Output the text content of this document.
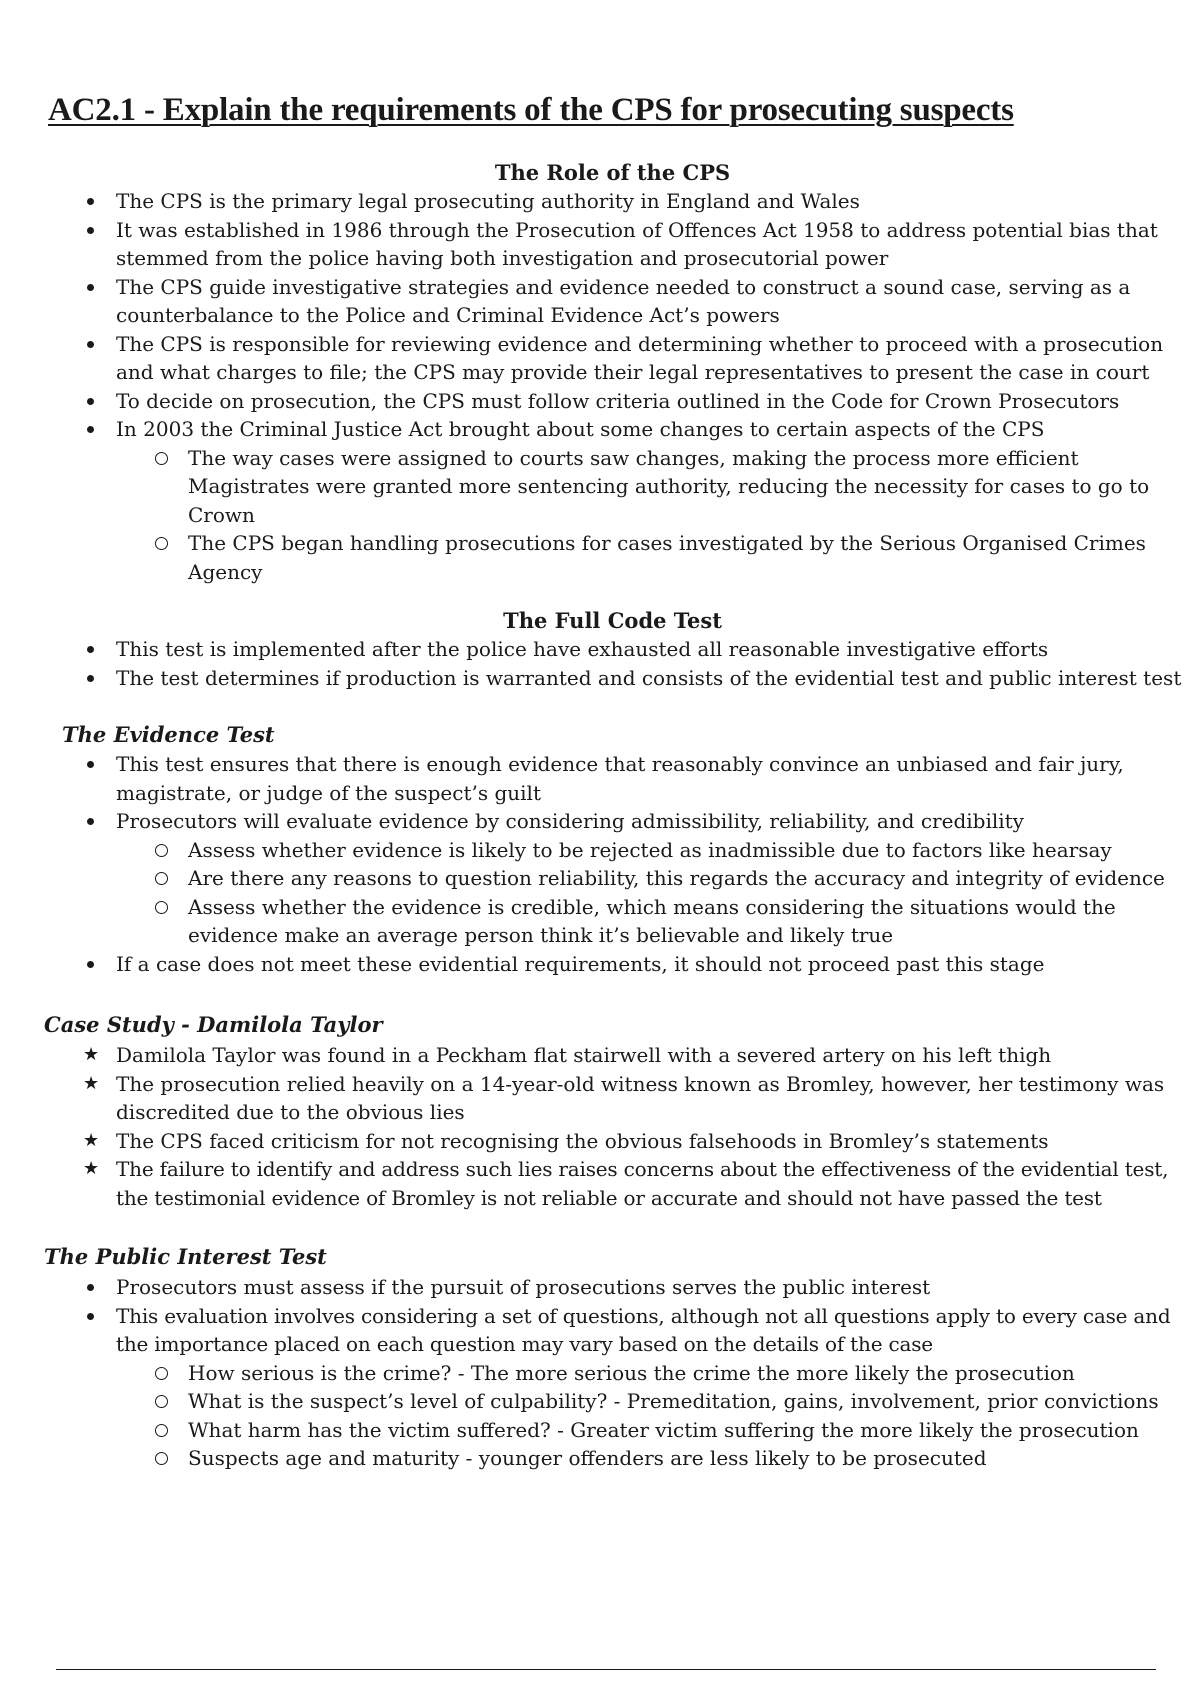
AC2.1 - Explain the requirements of the CPS for prosecuting suspects
The Role of the CPS
The CPS is the primary legal prosecuting authority in England and Wales
It was established in 1986 through the Prosecution of Offences Act 1958 to address potential bias that stemmed from the police having both investigation and prosecutorial power
The CPS guide investigative strategies and evidence needed to construct a sound case, serving as a counterbalance to the Police and Criminal Evidence Act’s powers
The CPS is responsible for reviewing evidence and determining whether to proceed with a prosecution and what charges to file; the CPS may provide their legal representatives to present the case in court
To decide on prosecution, the CPS must follow criteria outlined in the Code for Crown Prosecutors
In 2003 the Criminal Justice Act brought about some changes to certain aspects of the CPS
The way cases were assigned to courts saw changes, making the process more efficient
Magistrates were granted more sentencing authority, reducing the necessity for cases to go to Crown
The CPS began handling prosecutions for cases investigated by the Serious Organised Crimes Agency
The Full Code Test
This test is implemented after the police have exhausted all reasonable investigative efforts
The test determines if production is warranted and consists of the evidential test and public interest test
The Evidence Test
This test ensures that there is enough evidence that reasonably convince an unbiased and fair jury, magistrate, or judge of the suspect’s guilt
Prosecutors will evaluate evidence by considering admissibility, reliability, and credibility
Assess whether evidence is likely to be rejected as inadmissible due to factors like hearsay
Are there any reasons to question reliability, this regards the accuracy and integrity of evidence
Assess whether the evidence is credible, which means considering the situations would the evidence make an average person think it’s believable and likely true
If a case does not meet these evidential requirements, it should not proceed past this stage
Case Study - Damilola Taylor
★ Damilola Taylor was found in a Peckham flat stairwell with a severed artery on his left thigh
★ The prosecution relied heavily on a 14-year-old witness known as Bromley, however, her testimony was discredited due to the obvious lies
★ The CPS faced criticism for not recognising the obvious falsehoods in Bromley’s statements
★ The failure to identify and address such lies raises concerns about the effectiveness of the evidential test, the testimonial evidence of Bromley is not reliable or accurate and should not have passed the test
The Public Interest Test
Prosecutors must assess if the pursuit of prosecutions serves the public interest
This evaluation involves considering a set of questions, although not all questions apply to every case and the importance placed on each question may vary based on the details of the case
How serious is the crime? - The more serious the crime the more likely the prosecution
What is the suspect’s level of culpability? - Premeditation, gains, involvement, prior convictions
What harm has the victim suffered? - Greater victim suffering the more likely the prosecution
Suspects age and maturity - younger offenders are less likely to be prosecuted
